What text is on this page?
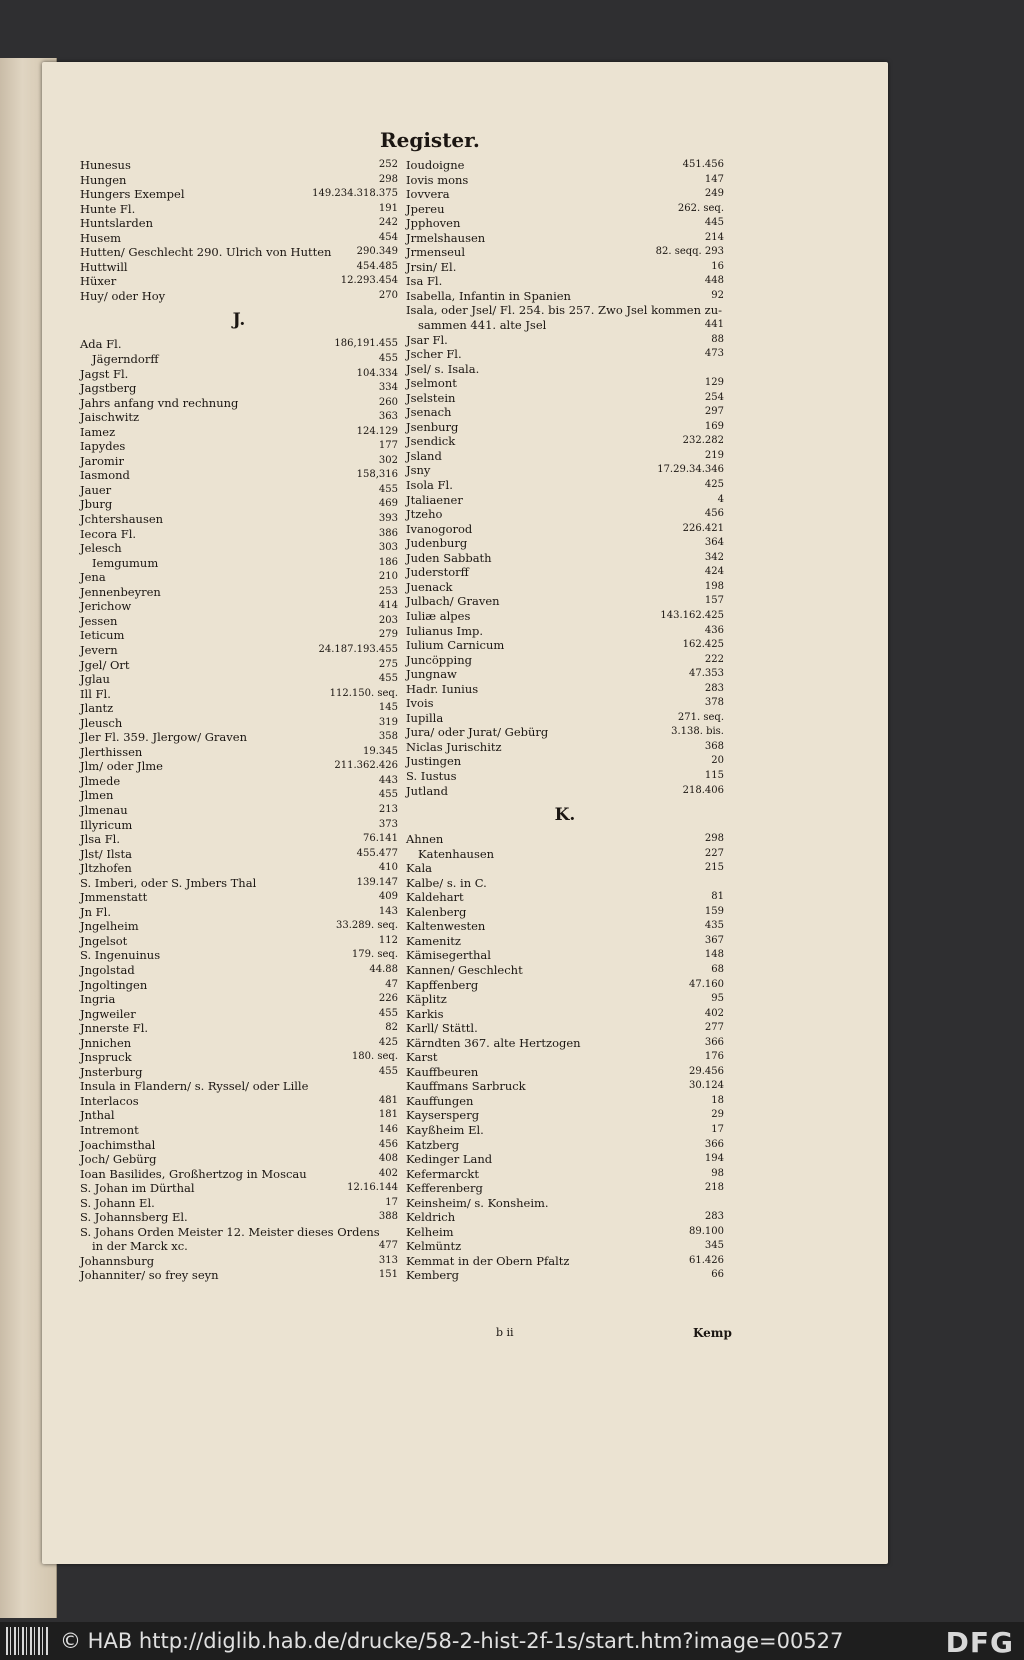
Register.
Hunesus	252
Hungen	298
Hungers Exempel	149.234.318.375
Hunte Fl.	191
Huntslarden	242
Husem	454
Hutten/ Geschlecht 290. Ulrich von Hutten	290.349
Huttwill	454.485
Hüxer	12.293.454
Huy/ oder Hoy	270
J.
Ada Fl.	186,191.455
Jägerndorff	455
Jagst Fl.	104.334
Jagstberg	334
Jahrs anfang vnd rechnung	260
Jaischwitz	363
Iamez	124.129
Iapydes	177
Jaromir	302
Iasmond	158,316
Jauer	455
Jburg	469
Jchtershausen	393
Iecora Fl.	386
Jelesch	303
Iemgumum	186
Jena	210
Jennenbeyren	253
Jerichow	414
Jessen	203
Ieticum	279
Jevern	24.187.193.455
Jgel/ Ort	275
Jglau	455
Ill Fl.	112.150. seq.
Jlantz	145
Jleusch	319
Jler Fl. 359. Jlergow/ Graven	358
Jlerthissen	19.345
Jlm/ oder Jlme	211.362.426
Jlmede	443
Jlmen	455
Jlmenau	213
Illyricum	373
Jlsa Fl.	76.141
Jlst/ Ilsta	455.477
Jltzhofen	410
S. Imberi, oder S. Jmbers Thal	139.147
Jmmenstatt	409
Jn Fl.	143
Jngelheim	33.289. seq.
Jngelsot	112
S. Ingenuinus	179. seq.
Jngolstad	44.88
Jngoltingen	47
Ingria	226
Jngweiler	455
Jnnerste Fl.	82
Jnnichen	425
Jnspruck	180. seq.
Jnsterburg	455
Insula in Flandern/ s. Ryssel/ oder Lille
Interlacos	481
Jnthal	181
Intremont	146
Joachimsthal	456
Joch/ Gebürg	408
Ioan Basilides, Großhertzog in Moscau	402
S. Johan im Dürthal	12.16.144
S. Johann El.	17
S. Johannsberg El.	388
S. Johans Orden Meister 12. Meister dieses Ordens
in der Marck xc.	477
Johannsburg	313
Johanniter/ so frey seyn	151
Ioudoigne	451.456
Iovis mons	147
Iovvera	249
Jpereu	262. seq.
Jpphoven	445
Jrmelshausen	214
Jrmenseul	82. seqq. 293
Jrsin/ El.	16
Isa Fl.	448
Isabella, Infantin in Spanien	92
Isala, oder Jsel/ Fl. 254. bis 257. Zwo Jsel kommen zu-
sammen 441. alte Jsel	441
Jsar Fl.	88
Jscher Fl.	473
Jsel/ s. Isala.
Jselmont	129
Jselstein	254
Jsenach	297
Jsenburg	169
Jsendick	232.282
Jsland	219
Jsny	17.29.34.346
Isola Fl.	425
Jtaliaener	4
Jtzeho	456
Ivanogorod	226.421
Judenburg	364
Juden Sabbath	342
Juderstorff	424
Juenack	198
Julbach/ Graven	157
Iuliæ alpes	143.162.425
Iulianus Imp.	436
Iulium Carnicum	162.425
Juncöpping	222
Jungnaw	47.353
Hadr. Iunius	283
Ivois	378
Iupilla	271. seq.
Jura/ oder Jurat/ Gebürg	3.138. bis.
Niclas Jurischitz	368
Justingen	20
S. Iustus	115
Jutland	218.406
K.
Ahnen	298
Katenhausen	227
Kala	215
Kalbe/ s. in C.
Kaldehart	81
Kalenberg	159
Kaltenwesten	435
Kamenitz	367
Kämisegerthal	148
Kannen/ Geschlecht	68
Kapffenberg	47.160
Käplitz	95
Karkis	402
Karll/ Stättl.	277
Kärndten 367. alte Hertzogen	366
Karst	176
Kauffbeuren	29.456
Kauffmans Sarbruck	30.124
Kauffungen	18
Kaysersperg	29
Kayßheim El.	17
Katzberg	366
Kedinger Land	194
Kefermarckt	98
Kefferenberg	218
Keinsheim/ s. Konsheim.
Keldrich	283
Kelheim	89.100
Kelmüntz	345
Kemmat in der Obern Pfaltz	61.426
Kemberg	66
b ii	Kemp
© HAB http://diglib.hab.de/drucke/58-2-hist-2f-1s/start.htm?image=00527	DFG
